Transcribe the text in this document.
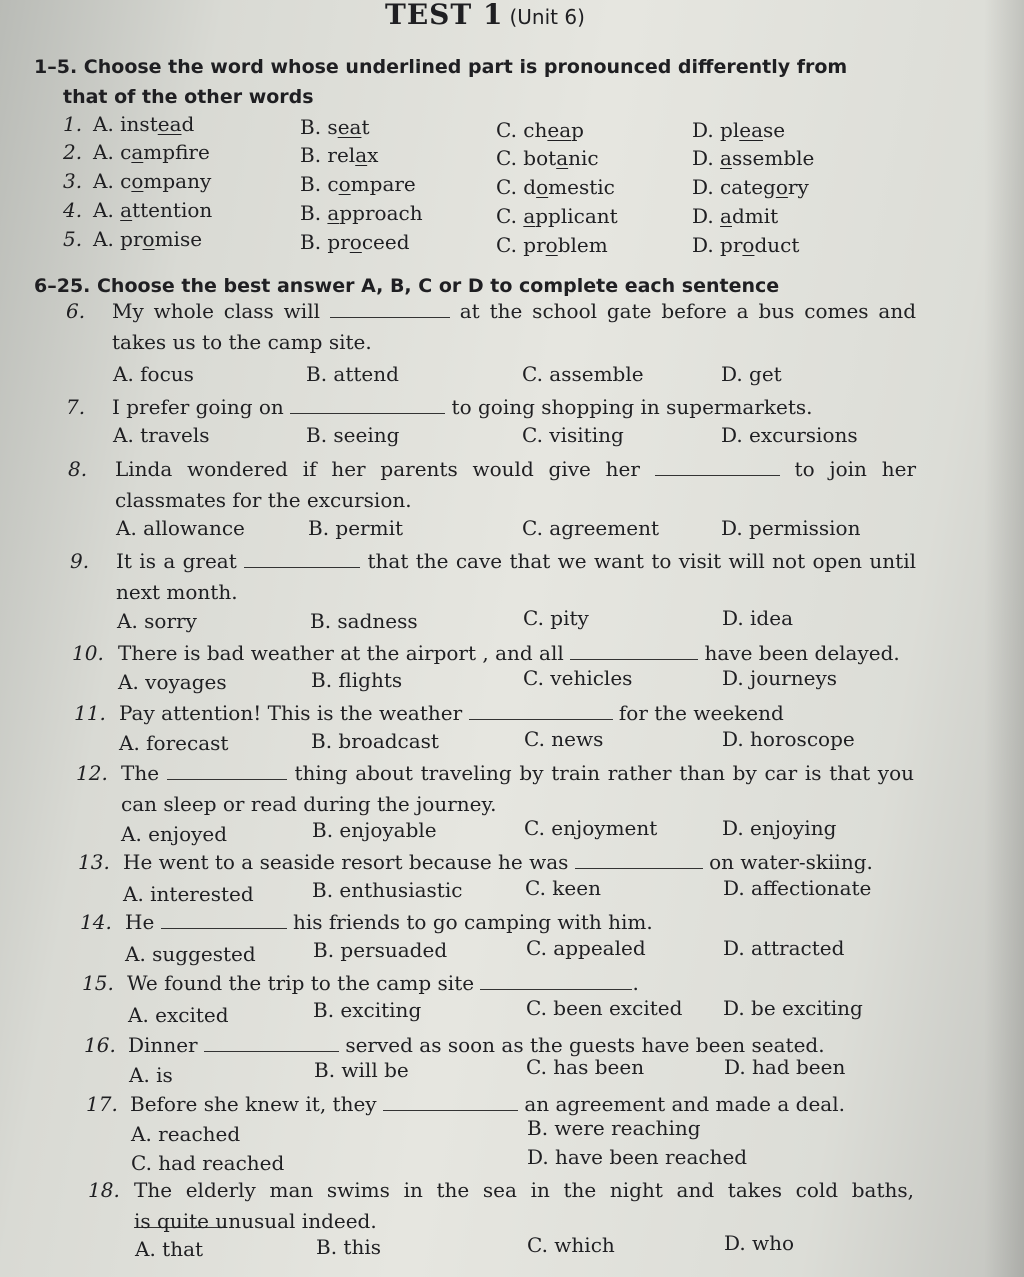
TEST 1 (Unit 6)
1–5. Choose the word whose underlined part is pronounced differently from
that of the other words
1. A. instead	B. seat	C. cheap	D. please
2. A. campfire	B. relax	C. botanic	D. assemble
3. A. company	B. compare	C. domestic	D. category
4. A. attention	B. approach	C. applicant	D. admit
5. A. promise	B. proceed	C. problem	D. product
6–25. Choose the best answer A, B, C or D to complete each sentence
6. My whole class will	at the school gate before a bus comes and
takes us to the camp site.
A. focus	B. attend	C. assemble	D. get
7. I prefer going on	to going shopping in supermarkets.
A. travels	B. seeing	C. visiting	D. excursions
8. Linda wondered if her parents would give her	to join her
classmates for the excursion.
A. allowance	B. permit	C. agreement	D. permission
9. It is a great	that the cave that we want to visit will not open until
next month.
A. sorry	B. sadness	C. pity	D. idea
10. There is bad weather at the airport , and all	have been delayed.
A. voyages	B. flights	C. vehicles	D. journeys
11. Pay attention! This is the weather	for the weekend
A. forecast	B. broadcast	C. news	D. horoscope
12. The	thing about traveling by train rather than by car is that you
can sleep or read during the journey.
A. enjoyed	B. enjoyable	C. enjoyment	D. enjoying
13. He went to a seaside resort because he was	on water-skiing.
A. interested	B. enthusiastic	C. keen	D. affectionate
14. He	his friends to go camping with him.
A. suggested	B. persuaded	C. appealed	D. attracted
15. We found the trip to the camp site	.
A. excited	B. exciting	C. been excited D. be exciting
16. Dinner	served as soon as the guests have been seated.
A. is	B. will be	C. has been	D. had been
17. Before she knew it, they	an agreement and made a deal.
A. reached	B. were reaching
C. had reached	D. have been reached
18. The elderly man swims in the sea in the night and takes cold baths,
is quite unusual indeed.
A. that	B. this	C. which	D. who
